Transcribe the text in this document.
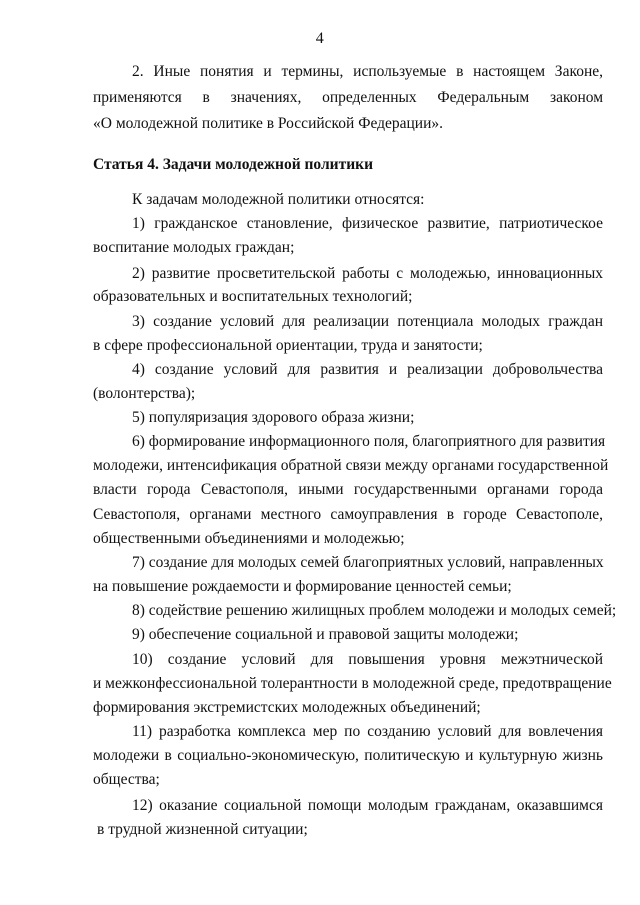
4
2. Иные понятия и термины, используемые в настоящем Законе,
применяются в значениях, определенных Федеральным законом
«О молодежной политике в Российской Федерации».
Статья 4. Задачи молодежной политики
К задачам молодежной политики относятся:
1) гражданское становление, физическое развитие, патриотическое
воспитание молодых граждан;
2) развитие просветительской работы с молодежью, инновационных
образовательных и воспитательных технологий;
3) создание условий для реализации потенциала молодых граждан
в сфере профессиональной ориентации, труда и занятости;
4) создание условий для развития и реализации добровольчества
(волонтерства);
5) популяризация здорового образа жизни;
6) формирование информационного поля, благоприятного для развития
молодежи, интенсификация обратной связи между органами государственной
власти города Севастополя, иными государственными органами города
Севастополя, органами местного самоуправления в городе Севастополе,
общественными объединениями и молодежью;
7) создание для молодых семей благоприятных условий, направленных
на повышение рождаемости и формирование ценностей семьи;
8) содействие решению жилищных проблем молодежи и молодых семей;
9) обеспечение социальной и правовой защиты молодежи;
10) создание условий для повышения уровня межэтнической
и межконфессиональной толерантности в молодежной среде, предотвращение
формирования экстремистских молодежных объединений;
11) разработка комплекса мер по созданию условий для вовлечения
молодежи в социально-экономическую, политическую и культурную жизнь
общества;
12) оказание социальной помощи молодым гражданам, оказавшимся
в трудной жизненной ситуации;
